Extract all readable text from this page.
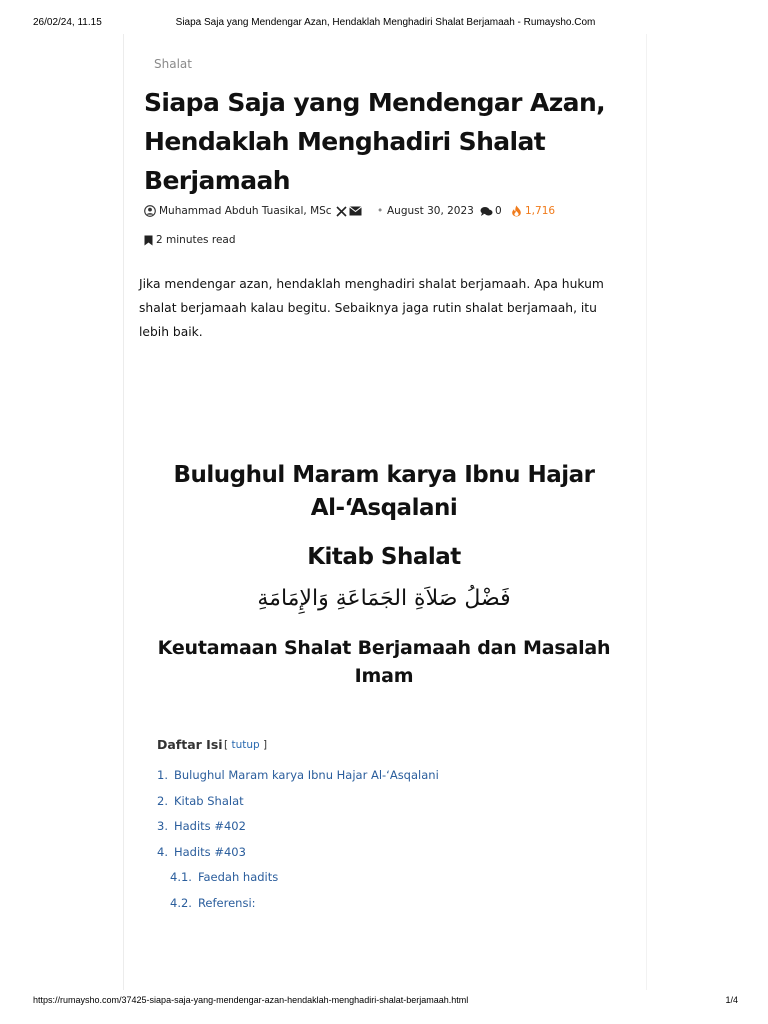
26/02/24, 11.15	Siapa Saja yang Mendengar Azan, Hendaklah Menghadiri Shalat Berjamaah - Rumaysho.Com
Shalat
Siapa Saja yang Mendengar Azan, Hendaklah Menghadiri Shalat Berjamaah
Muhammad Abduh Tuasikal, MSc	• August 30, 2023 0 1,716
2 minutes read

Jika mendengar azan, hendaklah menghadiri shalat berjamaah. Apa hukum shalat berjamaah kalau begitu. Sebaiknya jaga rutin shalat berjamaah, itu lebih baik.

Bulughul Maram karya Ibnu Hajar Al-‘Asqalani
Kitab Shalat
فَضْلُ صَلاَةِ الجَمَاعَةِ وَالإِمَامَةِ
Keutamaan Shalat Berjamaah dan Masalah Imam
Daftar Isi [ tutup ]
1. Bulughul Maram karya Ibnu Hajar Al-‘Asqalani
2. Kitab Shalat
3. Hadits #402
4. Hadits #403
4.1. Faedah hadits
4.2. Referensi:
https://rumaysho.com/37425-siapa-saja-yang-mendengar-azan-hendaklah-menghadiri-shalat-berjamaah.html	1/4
